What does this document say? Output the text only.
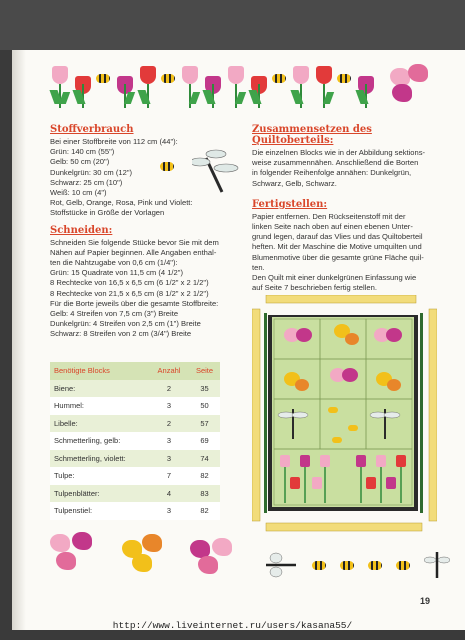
Stoffverbrauch
Bei einer Stoffbreite von 112 cm (44"):
Grün: 140 cm (55")
Gelb: 50 cm (20")
Dunkelgrün: 30 cm (12")
Schwarz: 25 cm (10")
Weiß: 10 cm (4")
Rot, Gelb, Orange, Rosa, Pink und Violett:
Stoffstücke in Größe der Vorlagen
Schneiden:
Schneiden Sie folgende Stücke bevor Sie mit dem
Nähen auf Papier beginnen. Alle Angaben enthal-
ten die Nahtzugabe von 0,6 cm (1/4"):
Grün: 15 Quadrate von 11,5 cm (4 1/2")
8 Rechtecke von 16,5 x 6,5 cm (6 1/2" x 2 1/2")
8 Rechtecke von 21,5 x 6,5 cm (8 1/2" x 2 1/2")
Für die Borte jeweils über die gesamte Stoffbreite:
Gelb: 4 Streifen von 7,5 cm (3") Breite
Dunkelgrün: 4 Streifen von 2,5 cm (1") Breite
Schwarz: 8 Streifen von 2 cm (3/4") Breite
Zusammensetzen des Quiltoberteils:
Die einzelnen Blocks wie in der Abbildung sektions-
weise zusammennähen. Anschließend die Borten
in folgender Reihenfolge annähen: Dunkelgrün,
Schwarz, Gelb, Schwarz.
Fertigstellen:
Papier entfernen. Den Rückseitenstoff mit der
linken Seite nach oben auf einen ebenen Unter-
grund legen, darauf das Vlies und das Quiltoberteil
heften. Mit der Maschine die Motive umquilten und
Blumenmotive über die gesamte grüne Fläche quil-
ten.
Den Quilt mit einer dunkelgrünen Einfassung wie
auf Seite 7 beschrieben fertig stellen.
Benötigte Blocks	Anzahl	Seite
Biene:	2	35
Hummel:	3	50
Libelle:	2	57
Schmetterling, gelb:	3	69
Schmetterling, violett:	3	74
Tulpe:	7	82
Tulpenblätter:	4	83
Tulpenstiel:	3	82
19
http://www.liveinternet.ru/users/kasana55/
